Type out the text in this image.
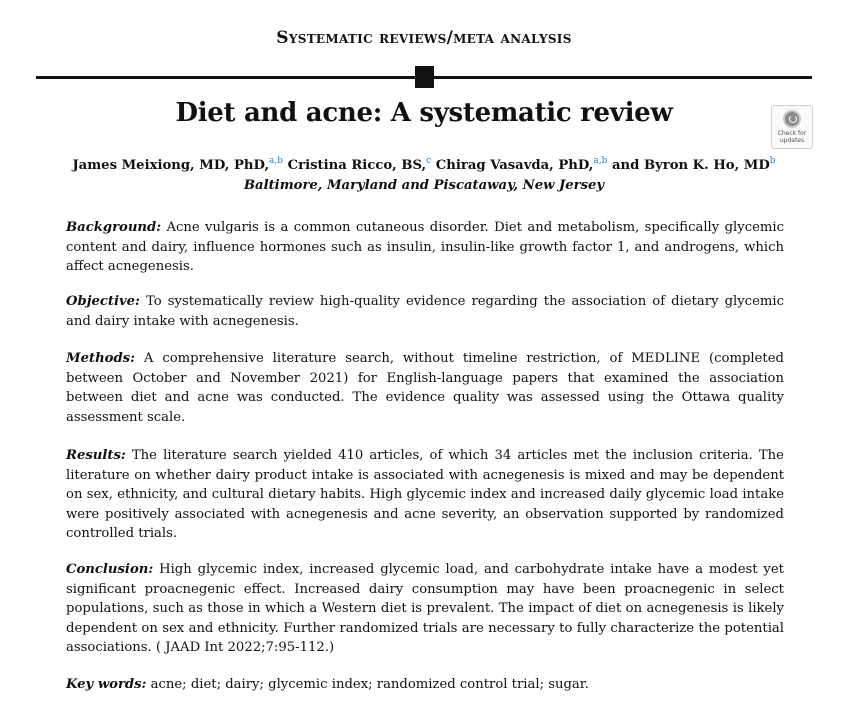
Systematic reviews/meta analysis
Diet and acne: A systematic review
Check for updates
James Meixiong, MD, PhD,$^{a,b}$ Cristina Ricco, BS,$^c$ Chirag Vasavda, PhD,$^{a,b}$ and Byron K. Ho, $MD^b$
Baltimore, Maryland and Piscataway, New Jersey

Background: Acne vulgaris is a common cutaneous disorder. Diet and metabolism, specifically glycemic content and dairy, influence hormones such as insulin, insulin-like growth factor 1, and androgens, which affect acnegenesis.

Objective: To systematically review high-quality evidence regarding the association of dietary glycemic and dairy intake with acnegenesis.

Methods: A comprehensive literature search, without timeline restriction, of MEDLINE (completed between October and November 2021) for English-language papers that examined the association between diet and acne was conducted. The evidence quality was assessed using the Ottawa quality assessment scale.

Results: The literature search yielded 410 articles, of which 34 articles met the inclusion criteria. The literature on whether dairy product intake is associated with acnegenesis is mixed and may be dependent on sex, ethnicity, and cultural dietary habits. High glycemic index and increased daily glycemic load intake were positively associated with acnegenesis and acne severity, an observation supported by randomized controlled trials.

Conclusion: High glycemic index, increased glycemic load, and carbohydrate intake have a modest yet significant proacnegenic effect. Increased dairy consumption may have been proacnegenic in select populations, such as those in which a Western diet is prevalent. The impact of diet on acnegenesis is likely dependent on sex and ethnicity. Further randomized trials are necessary to fully characterize the potential associations. ( JAAD Int 2022;7:95-112.)

Key words: acne; diet; dairy; glycemic index; randomized control trial; sugar.
